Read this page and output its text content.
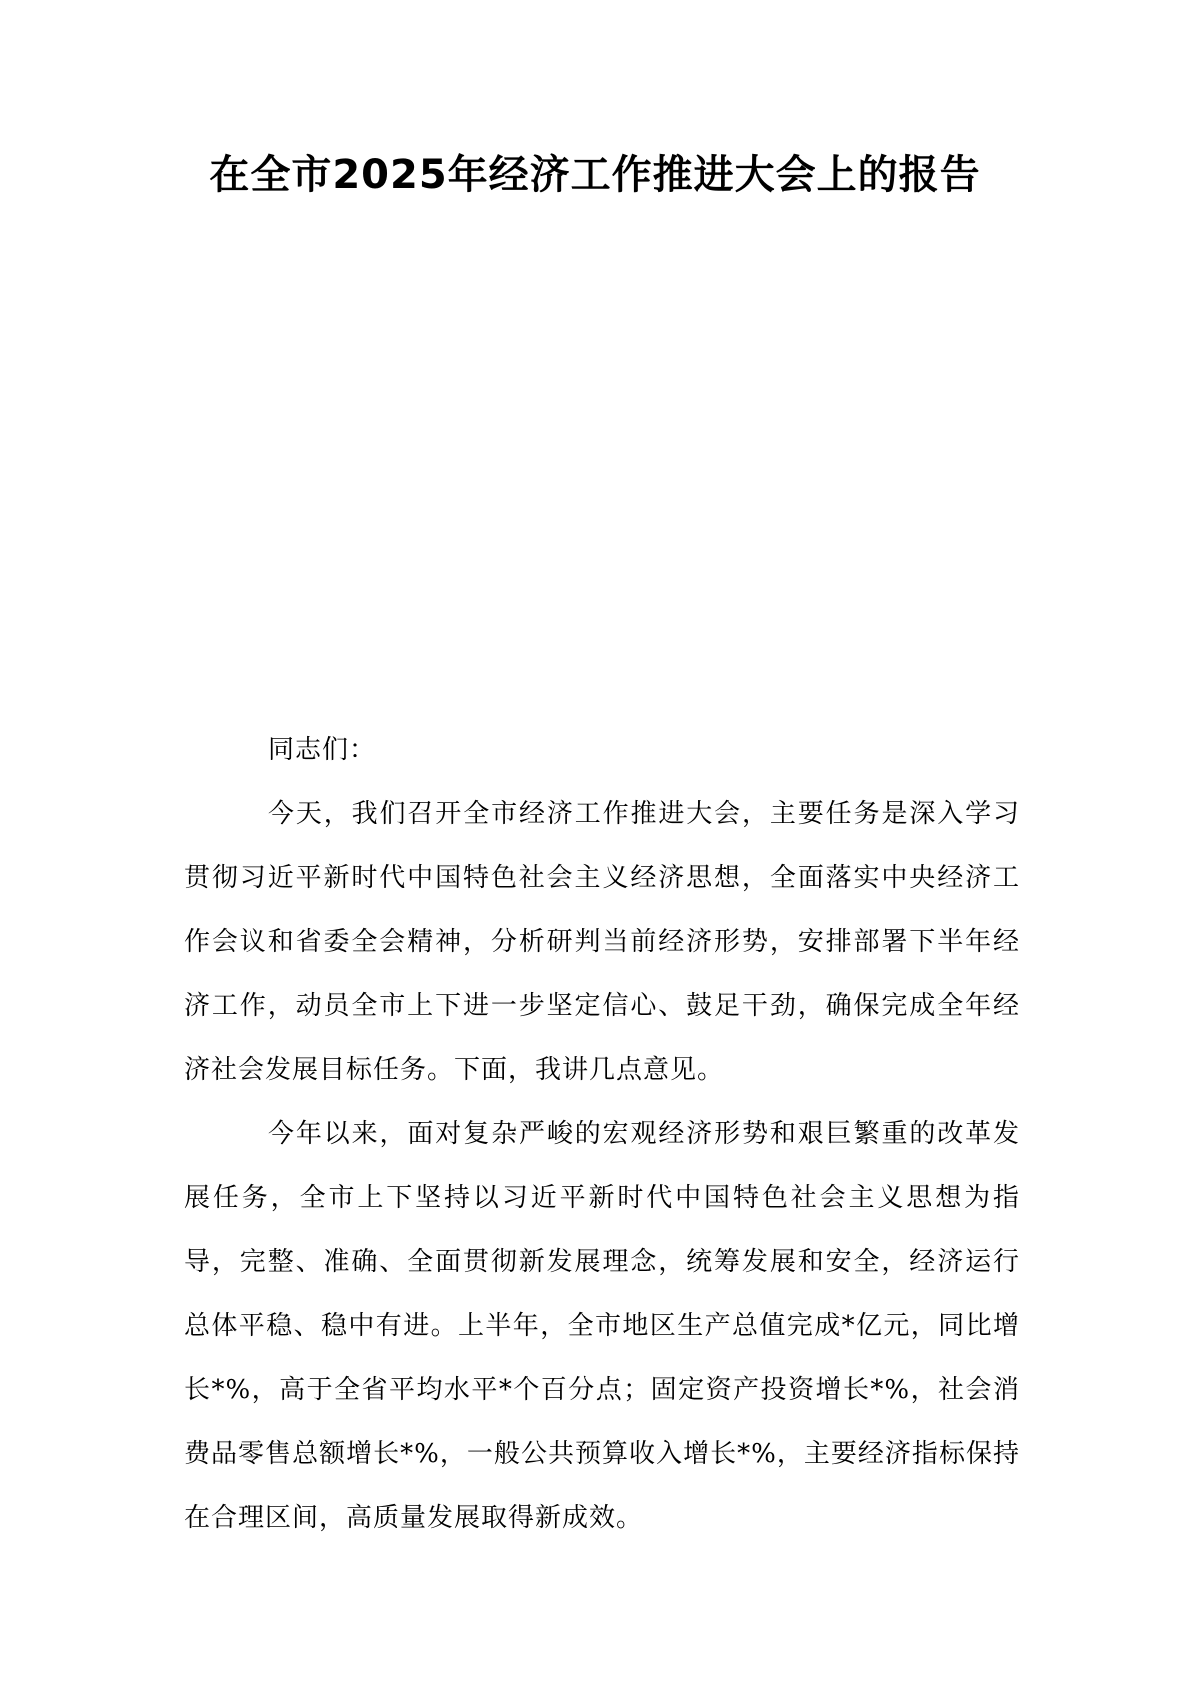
在全市2025年经济工作推进大会上的报告

同志们：

今天，我们召开全市经济工作推进大会，主要任务是深入学习贯彻习近平新时代中国特色社会主义经济思想，全面落实中央经济工作会议和省委全会精神，分析研判当前经济形势，安排部署下半年经济工作，动员全市上下进一步坚定信心、鼓足干劲，确保完成全年经济社会发展目标任务。下面，我讲几点意见。

今年以来，面对复杂严峻的宏观经济形势和艰巨繁重的改革发展任务，全市上下坚持以习近平新时代中国特色社会主义思想为指导，完整、准确、全面贯彻新发展理念，统筹发展和安全，经济运行总体平稳、稳中有进。上半年，全市地区生产总值完成*亿元，同比增长*%，高于全省平均水平*个百分点；固定资产投资增长*%，社会消费品零售总额增长*%，一般公共预算收入增长*%，主要经济指标保持在合理区间，高质量发展取得新成效。
